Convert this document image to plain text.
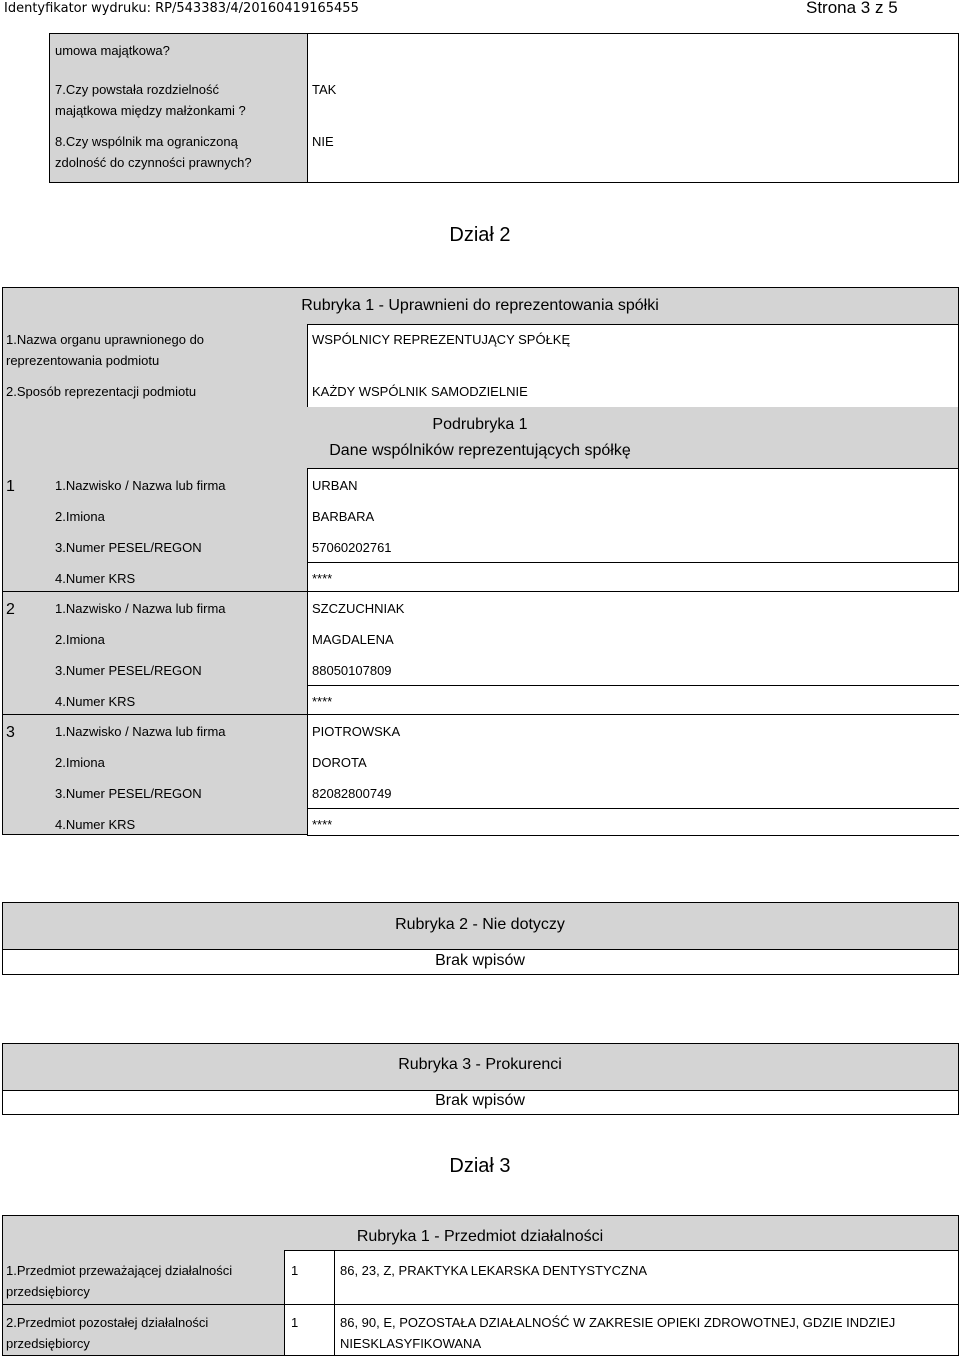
Identyfikator wydruku: RP/543383/4/20160419165455	Strona 3 z 5
umowa majątkowa?
7.Czy powstała rozdzielność
majątkowa między małżonkami ?
TAK
8.Czy wspólnik ma ograniczoną
zdolność do czynności prawnych?
NIE
Dział 2
Rubryka 1 - Uprawnieni do reprezentowania spółki
1.Nazwa organu uprawnionego do
reprezentowania podmiotu
WSPÓLNICY REPREZENTUJĄCY SPÓŁKĘ
2.Sposób reprezentacji podmiotu	KAŻDY WSPÓLNIK SAMODZIELNIE
Podrubryka 1
Dane wspólników reprezentujących spółkę
1	1.Nazwisko / Nazwa lub firma	URBAN
2.Imiona	BARBARA
3.Numer PESEL/REGON	57060202761
4.Numer KRS	****
2	1.Nazwisko / Nazwa lub firma	SZCZUCHNIAK
2.Imiona	MAGDALENA
3.Numer PESEL/REGON	88050107809
4.Numer KRS	****
3	1.Nazwisko / Nazwa lub firma	PIOTROWSKA
2.Imiona	DOROTA
3.Numer PESEL/REGON	82082800749
4.Numer KRS	****
Rubryka 2 - Nie dotyczy
Brak wpisów
Rubryka 3 - Prokurenci
Brak wpisów
Dział 3
Rubryka 1 - Przedmiot działalności
1.Przedmiot przeważającej działalności
przedsiębiorcy
1	86, 23, Z, PRAKTYKA LEKARSKA DENTYSTYCZNA
2.Przedmiot pozostałej działalności
przedsiębiorcy
1	86, 90, E, POZOSTAŁA DZIAŁALNOŚĆ W ZAKRESIE OPIEKI ZDROWOTNEJ, GDZIE INDZIEJ
NIESKLASYFIKOWANA
